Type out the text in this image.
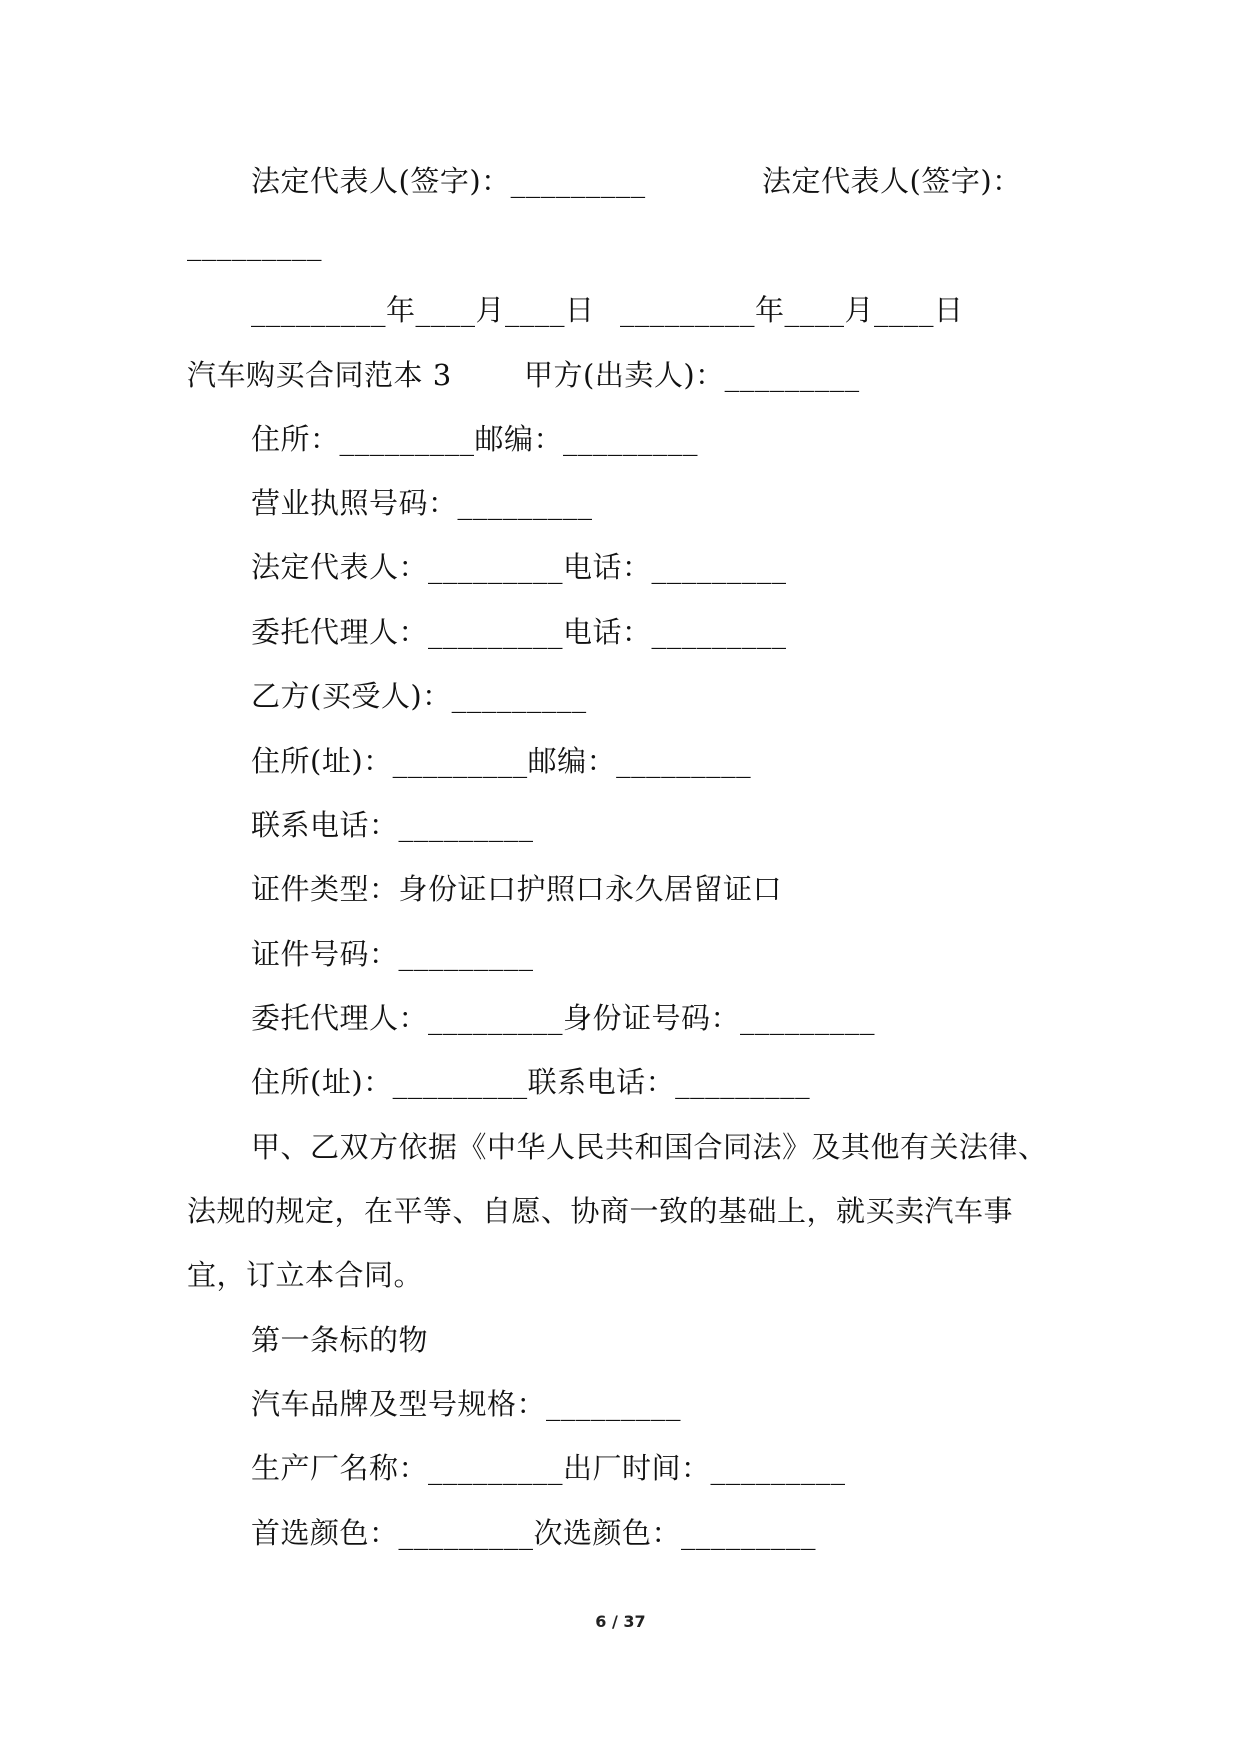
法定代表人(签字)：_________	法定代表人(签字)：
_________
_________年____月____日 _________年____月____日
汽车购买合同范本 3 甲方(出卖人)：_________
住所：_________邮编：_________
营业执照号码：_________
法定代表人：_________电话：_________
委托代理人：_________电话：_________
乙方(买受人)：_________
住所(址)：_________邮编：_________
联系电话：_________
证件类型：身份证口护照口永久居留证口
证件号码：_________
委托代理人：_________身份证号码：_________
住所(址)：_________联系电话：_________
甲、乙双方依据《中华人民共和国合同法》及其他有关法律、
法规的规定，在平等、自愿、协商一致的基础上，就买卖汽车事
宜，订立本合同。
第一条标的物
汽车品牌及型号规格：_________
生产厂名称：_________出厂时间：_________
首选颜色：_________次选颜色：_________
6 / 37
